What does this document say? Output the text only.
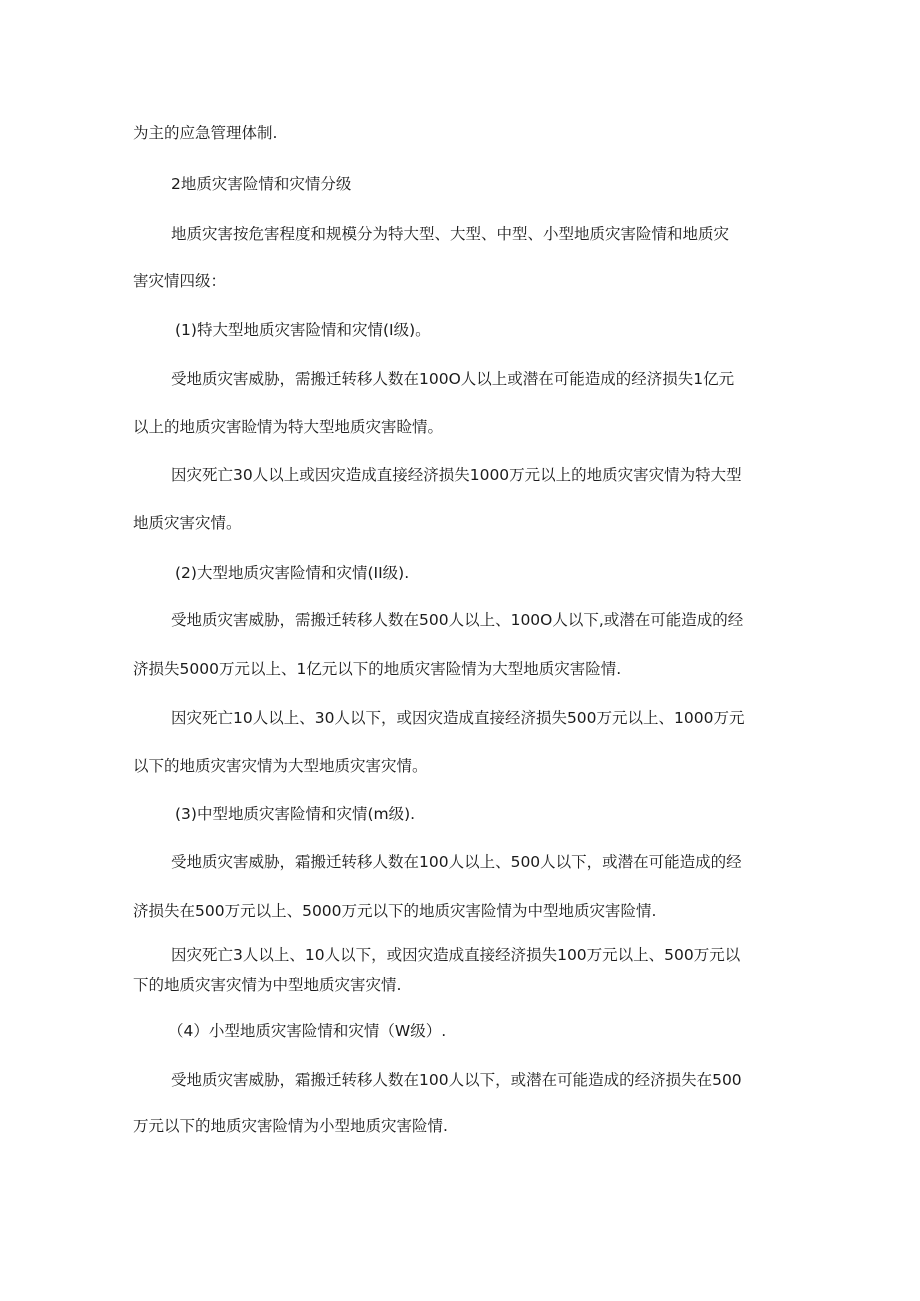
为主的应急管理体制.
2地质灾害险情和灾情分级
地质灾害按危害程度和规模分为特大型、大型、中型、小型地质灾害险情和地质灾
害灾情四级：
(1)特大型地质灾害险情和灾情(I级)。
受地质灾害威胁，需搬迁转移人数在100O人以上或潜在可能造成的经济损失1亿元
以上的地质灾害睑情为特大型地质灾害睑情。
因灾死亡30人以上或因灾造成直接经济损失1000万元以上的地质灾害灾情为特大型
地质灾害灾情。
(2)大型地质灾害险情和灾情(II级).
受地质灾害威胁，需搬迁转移人数在500人以上、100O人以下,或潜在可能造成的经
济损失5000万元以上、1亿元以下的地质灾害险情为大型地质灾害险情.
因灾死亡10人以上、30人以下，或因灾造成直接经济损失500万元以上、1000万元
以下的地质灾害灾情为大型地质灾害灾情。
(3)中型地质灾害险情和灾情(m级).
受地质灾害威胁，霜搬迁转移人数在100人以上、500人以下，或潜在可能造成的经
济损失在500万元以上、5000万元以下的地质灾害险情为中型地质灾害险情.
因灾死亡3人以上、10人以下，或因灾造成直接经济损失100万元以上、500万元以
下的地质灾害灾情为中型地质灾害灾情.
（4）小型地质灾害险情和灾情（W级）.
受地质灾害威胁，霜搬迁转移人数在100人以下，或潜在可能造成的经济损失在500
万元以下的地质灾害险情为小型地质灾害险情.
